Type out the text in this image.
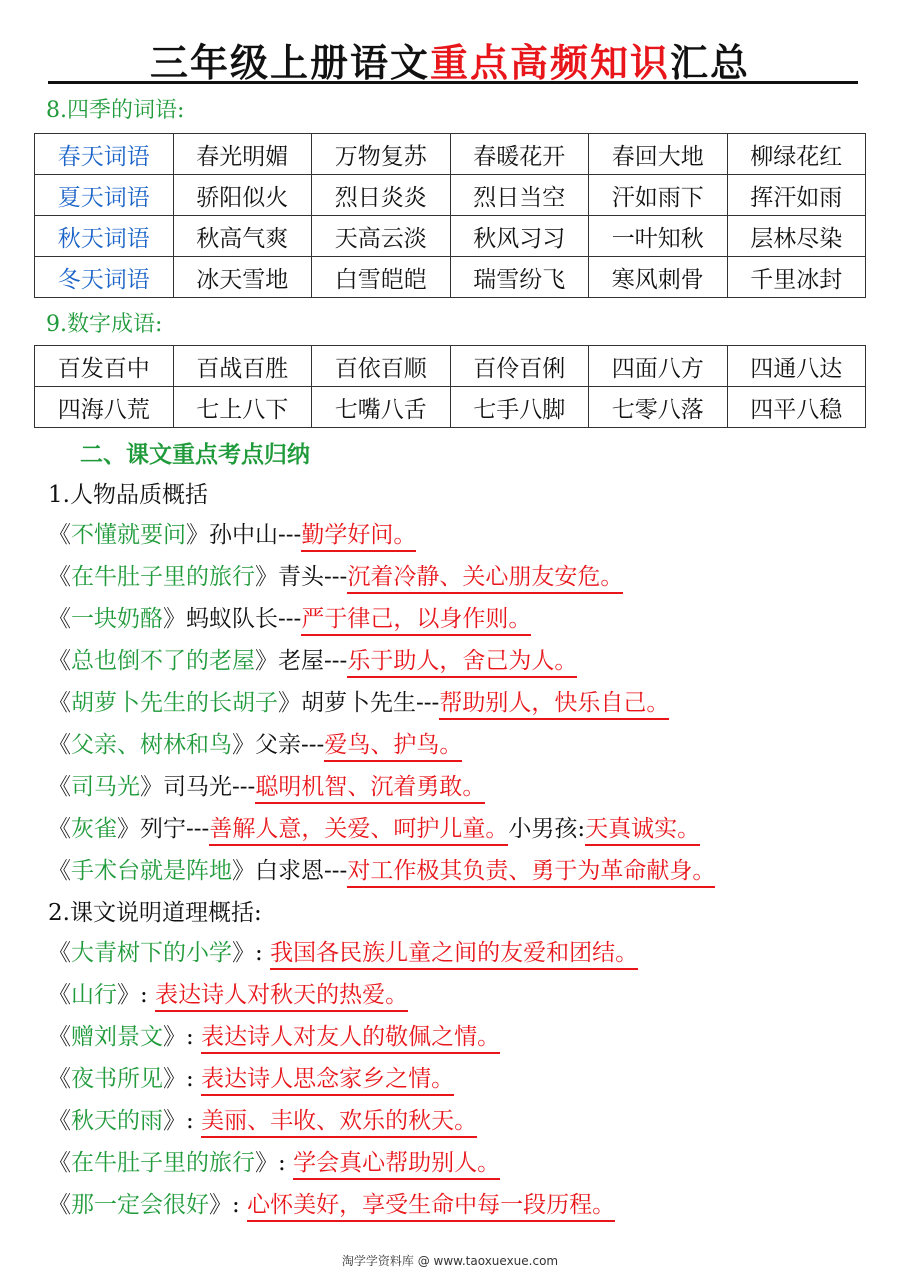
三年级上册语文重点高频知识汇总
8.四季的词语:
春天词语	春光明媚	万物复苏	春暖花开	春回大地	柳绿花红
夏天词语	骄阳似火	烈日炎炎	烈日当空	汗如雨下	挥汗如雨
秋天词语	秋高气爽	天高云淡	秋风习习	一叶知秋	层林尽染
冬天词语	冰天雪地	白雪皑皑	瑞雪纷飞	寒风刺骨	千里冰封
9.数字成语:
百发百中	百战百胜	百依百顺	百伶百俐	四面八方	四通八达
四海八荒	七上八下	七嘴八舌	七手八脚	七零八落	四平八稳
二、课文重点考点归纳
1.人物品质概括
《不懂就要问》孙中山---勤学好问。
《在牛肚子里的旅行》青头---沉着冷静、关心朋友安危。
《一块奶酪》蚂蚁队长---严于律己，以身作则。
《总也倒不了的老屋》老屋---乐于助人，舍己为人。
《胡萝卜先生的长胡子》胡萝卜先生---帮助别人，快乐自己。
《父亲、树林和鸟》父亲---爱鸟、护鸟。
《司马光》司马光---聪明机智、沉着勇敢。
《灰雀》列宁---善解人意，关爱、呵护儿童。小男孩:天真诚实。
《手术台就是阵地》白求恩---对工作极其负责、勇于为革命献身。
2.课文说明道理概括:
《大青树下的小学》: 我国各民族儿童之间的友爱和团结。
《山行》: 表达诗人对秋天的热爱。
《赠刘景文》: 表达诗人对友人的敬佩之情。
《夜书所见》: 表达诗人思念家乡之情。
《秋天的雨》: 美丽、丰收、欢乐的秋天。
《在牛肚子里的旅行》: 学会真心帮助别人。
《那一定会很好》: 心怀美好，享受生命中每一段历程。
淘学学资料库 @ www.taoxuexue.com
